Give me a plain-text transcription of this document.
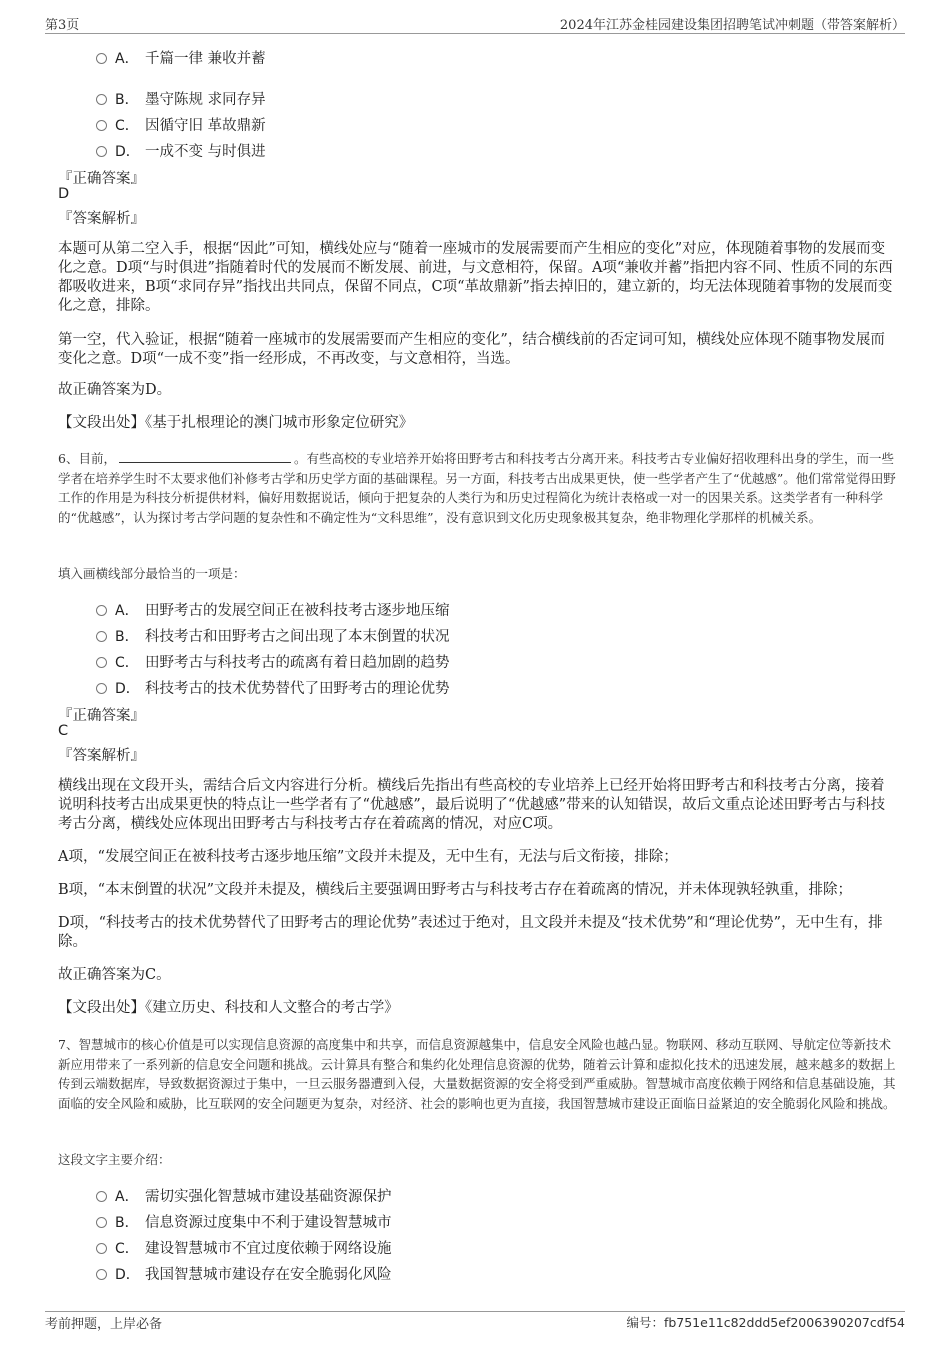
第3页	2024年江苏金桂园建设集团招聘笔试冲刺题（带答案解析）
A． 千篇一律 兼收并蓄
B． 墨守陈规 求同存异
C． 因循守旧 革故鼎新
D． 一成不变 与时俱进
『正确答案』
D
『答案解析』
本题可从第二空入手，根据“因此”可知，横线处应与“随着一座城市的发展需要而产生相应的变化”对应，体现随着事物的发展而变化之意。D项“与时俱进”指随着时代的发展而不断发展、前进，与文意相符，保留。A项“兼收并蓄”指把内容不同、性质不同的东西都吸收进来，B项“求同存异”指找出共同点，保留不同点，C项“革故鼎新”指去掉旧的，建立新的，均无法体现随着事物的发展而变化之意，排除。
第一空，代入验证，根据“随着一座城市的发展需要而产生相应的变化”，结合横线前的否定词可知，横线处应体现不随事物发展而变化之意。D项“一成不变”指一经形成，不再改变，与文意相符，当选。
故正确答案为D。
【文段出处】《基于扎根理论的澳门城市形象定位研究》
6、目前，	。有些高校的专业培养开始将田野考古和科技考古分离开来。科技考古专业偏好招收理科出身的学生，而一些学者在培养学生时不太要求他们补修考古学和历史学方面的基础课程。另一方面，科技考古出成果更快，使一些学者产生了“优越感”。他们常常觉得田野工作的作用是为科技分析提供材料，偏好用数据说话，倾向于把复杂的人类行为和历史过程简化为统计表格或一对一的因果关系。这类学者有一种科学的“优越感”，认为探讨考古学问题的复杂性和不确定性为“文科思维”，没有意识到文化历史现象极其复杂，绝非物理化学那样的机械关系。
填入画横线部分最恰当的一项是：
A． 田野考古的发展空间正在被科技考古逐步地压缩
B． 科技考古和田野考古之间出现了本末倒置的状况
C． 田野考古与科技考古的疏离有着日趋加剧的趋势
D． 科技考古的技术优势替代了田野考古的理论优势
『正确答案』
C
『答案解析』
横线出现在文段开头，需结合后文内容进行分析。横线后先指出有些高校的专业培养上已经开始将田野考古和科技考古分离，接着说明科技考古出成果更快的特点让一些学者有了“优越感”，最后说明了“优越感”带来的认知错误，故后文重点论述田野考古与科技考古分离，横线处应体现出田野考古与科技考古存在着疏离的情况，对应C项。
A项，“发展空间正在被科技考古逐步地压缩”文段并未提及，无中生有，无法与后文衔接，排除；
B项，“本末倒置的状况”文段并未提及，横线后主要强调田野考古与科技考古存在着疏离的情况，并未体现孰轻孰重，排除；
D项，“科技考古的技术优势替代了田野考古的理论优势”表述过于绝对，且文段并未提及“技术优势”和“理论优势”，无中生有，排除。
故正确答案为C。
【文段出处】《建立历史、科技和人文整合的考古学》
7、智慧城市的核心价值是可以实现信息资源的高度集中和共享，而信息资源越集中，信息安全风险也越凸显。物联网、移动互联网、导航定位等新技术新应用带来了一系列新的信息安全问题和挑战。云计算具有整合和集约化处理信息资源的优势，随着云计算和虚拟化技术的迅速发展，越来越多的数据上传到云端数据库，导致数据资源过于集中，一旦云服务器遭到入侵，大量数据资源的安全将受到严重威胁。智慧城市高度依赖于网络和信息基础设施，其面临的安全风险和威胁，比互联网的安全问题更为复杂，对经济、社会的影响也更为直接，我国智慧城市建设正面临日益紧迫的安全脆弱化风险和挑战。
这段文字主要介绍：
A． 需切实强化智慧城市建设基础资源保护
B． 信息资源过度集中不利于建设智慧城市
C． 建设智慧城市不宜过度依赖于网络设施
D． 我国智慧城市建设存在安全脆弱化风险
考前押题，上岸必备	编号：fb751e11c82ddd5ef2006390207cdf54
